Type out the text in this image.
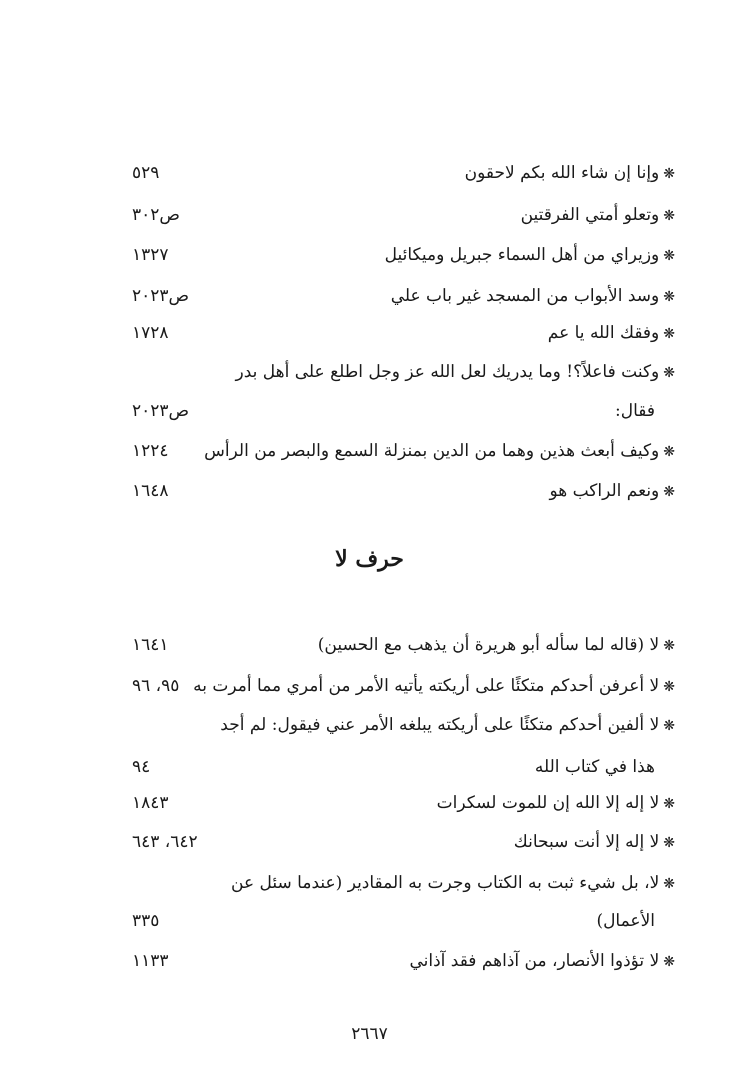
❋وإنا إن شاء الله بكم لاحقون
٥٢٩
❋وتعلو أمتي الفرقتين
ص٣٠٢
❋وزيراي من أهل السماء جبريل وميكائيل
١٣٢٧
❋وسد الأبواب من المسجد غير باب علي
ص٢٠٢٣
❋وفقك الله يا عم
١٧٢٨
❋وكنت فاعلاً؟! وما يدريك لعل الله عز وجل اطلع على أهل بدر
فقال:
ص٢٠٢٣
❋وكيف أبعث هذين وهما من الدين بمنزلة السمع والبصر من الرأس
١٢٢٤
❋ونعم الراكب هو
١٦٤٨
حرف لا
❋لا (قاله لما سأله أبو هريرة أن يذهب مع الحسين)
١٦٤١
❋لا أعرفن أحدكم متكئًا على أريكته يأتيه الأمر من أمري مما أمرت به
٩٥، ٩٦
❋لا ألفين أحدكم متكئًا على أريكته يبلغه الأمر عني فيقول: لم أجد
هذا في كتاب الله
٩٤
❋لا إله إلا الله إن للموت لسكرات
١٨٤٣
❋لا إله إلا أنت سبحانك
٦٤٢، ٦٤٣
❋لا، بل شيء ثبت به الكتاب وجرت به المقادير (عندما سئل عن
الأعمال)
٣٣٥
❋لا تؤذوا الأنصار، من آذاهم فقد آذاني
١١٣٣
٢٦٦٧
